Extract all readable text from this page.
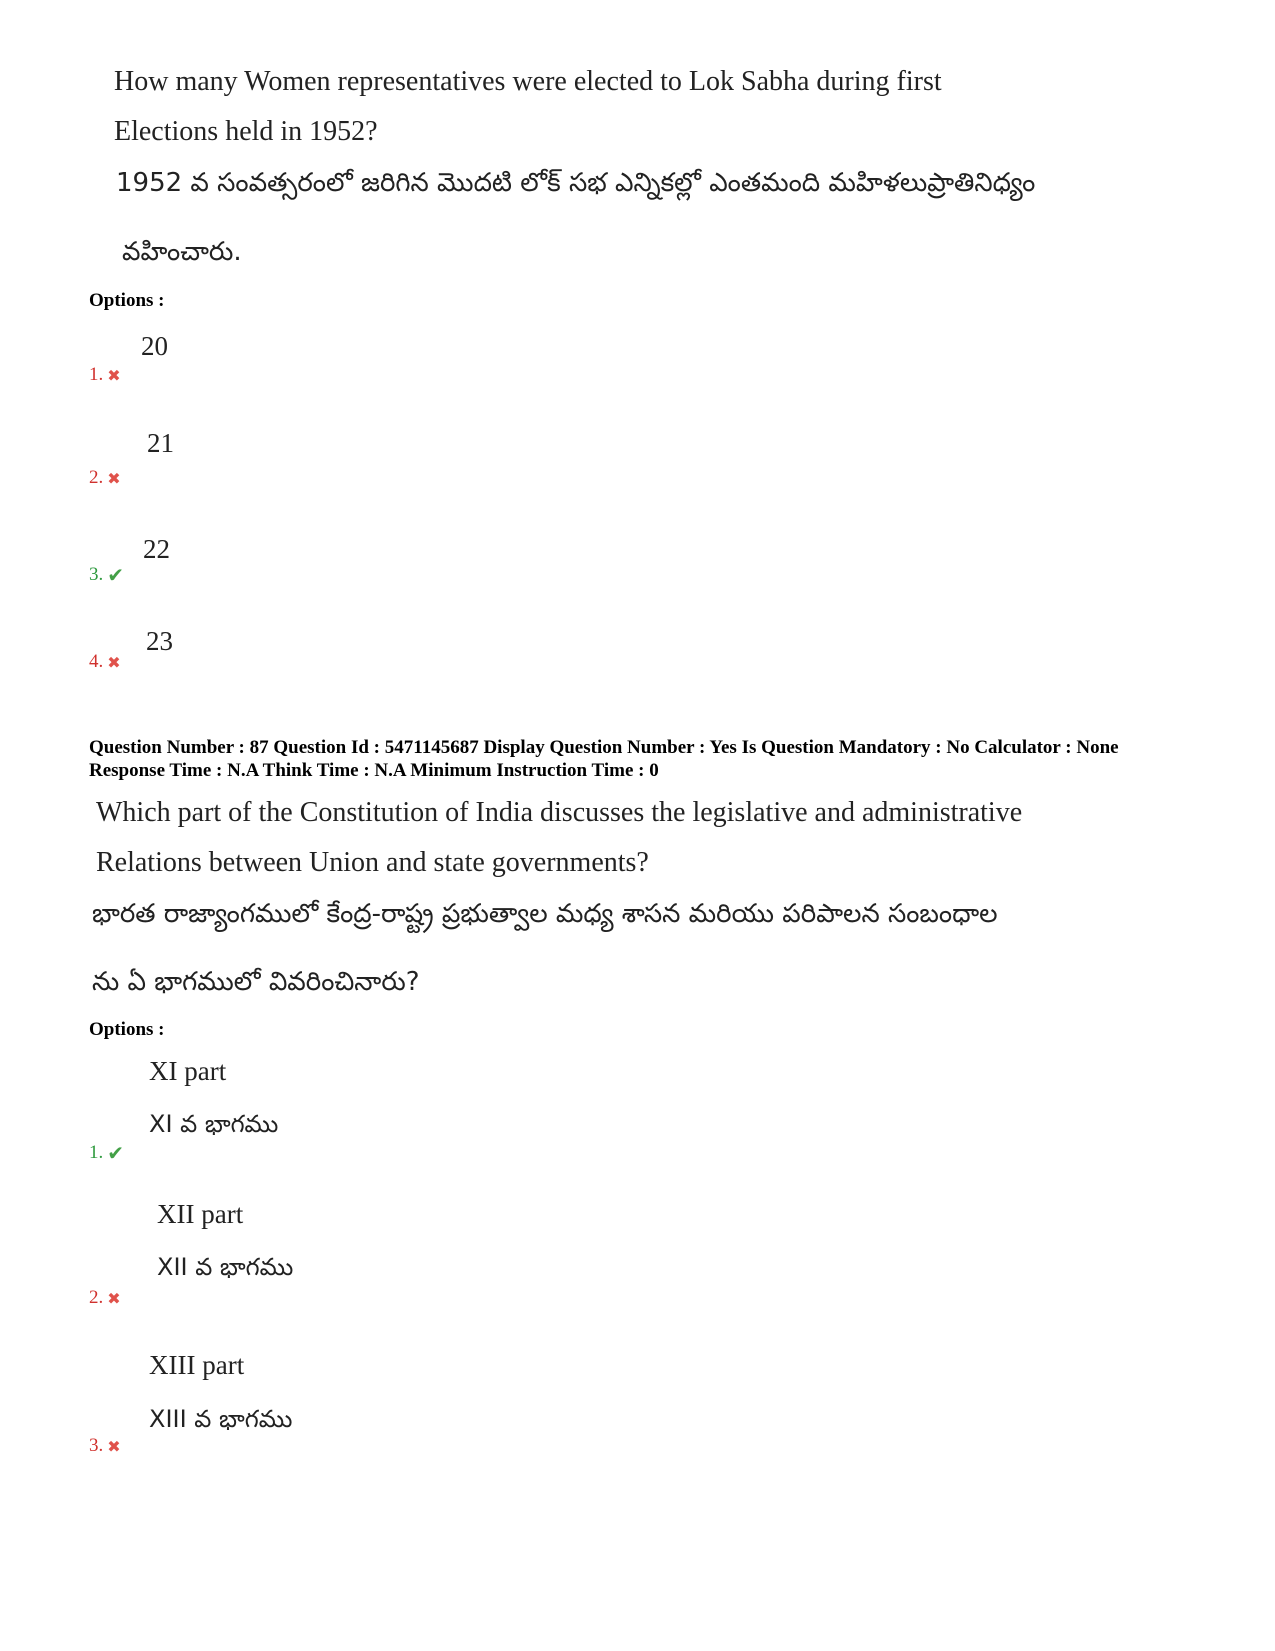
How many Women representatives were elected to Lok Sabha during first
Elections held in 1952?
1952 వ సంవత్సరంలో జరిగిన మొదటి లోక్ సభ ఎన్నికల్లో ఎంతమంది మహిళలుప్రాతినిధ్యం
వహించారు.
Options :
20
1. ✖
21
2. ✖
22
3. ✔
23
4. ✖
Question Number : 87 Question Id : 5471145687 Display Question Number : Yes Is Question Mandatory : No Calculator : None Response Time : N.A Think Time : N.A Minimum Instruction Time : 0
Which part of the Constitution of India discusses the legislative and administrative
Relations between Union and state governments?
భారత రాజ్యాంగములో కేంద్ర-రాష్ట్ర ప్రభుత్వాల మధ్య శాసన మరియు పరిపాలన సంబంధాల
ను ఏ భాగములో వివరించినారు?
Options :
XI part
XI వ భాగము
1. ✔
XII part
XII వ భాగము
2. ✖
XIII part
XIII వ భాగము
3. ✖
